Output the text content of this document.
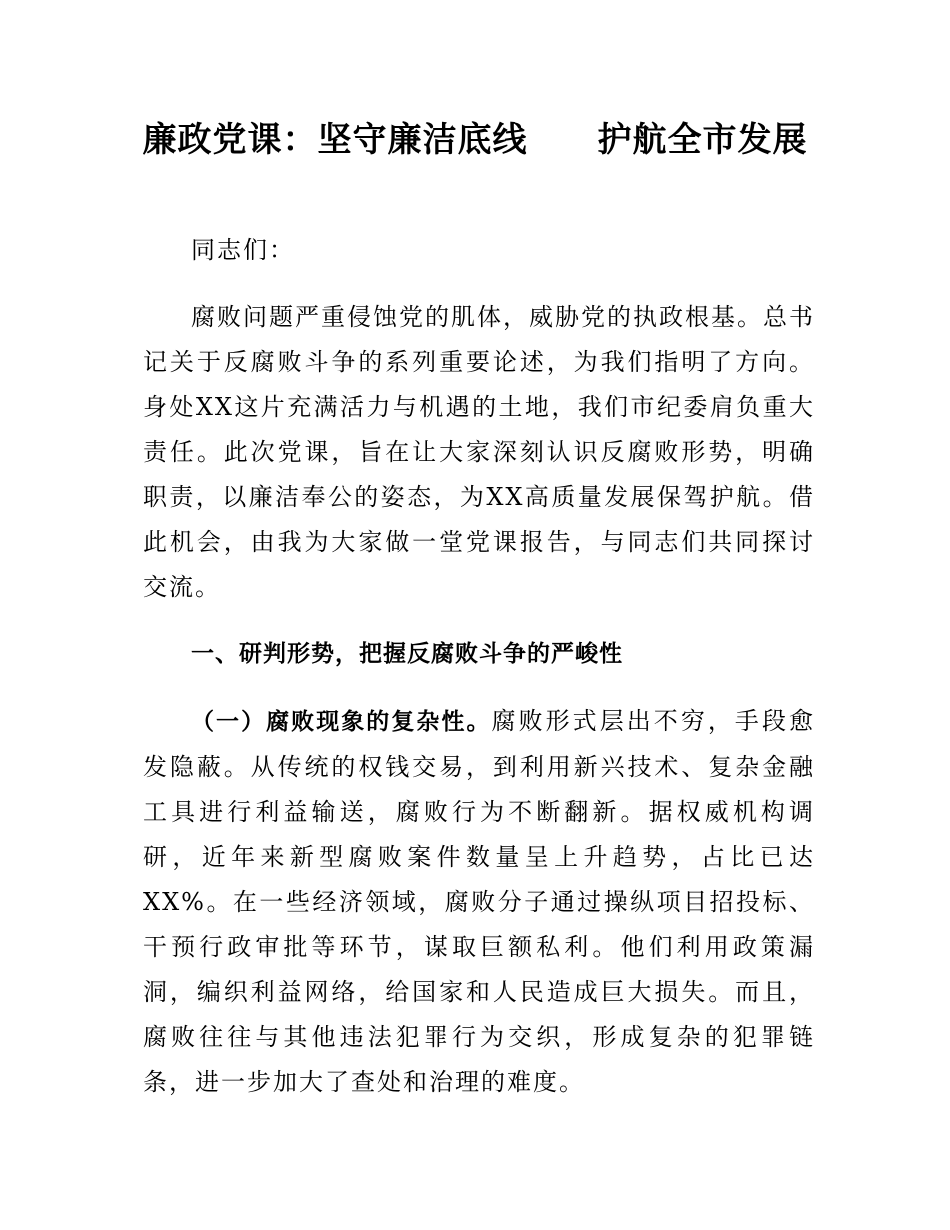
廉政党课：坚守廉洁底线　　护航全市发展

同志们：

腐败问题严重侵蚀党的肌体，威胁党的执政根基。总书记关于反腐败斗争的系列重要论述，为我们指明了方向。身处XX这片充满活力与机遇的土地，我们市纪委肩负重大责任。此次党课，旨在让大家深刻认识反腐败形势，明确职责，以廉洁奉公的姿态，为XX高质量发展保驾护航。借此机会，由我为大家做一堂党课报告，与同志们共同探讨交流。

一、研判形势，把握反腐败斗争的严峻性

（一）腐败现象的复杂性。腐败形式层出不穷，手段愈发隐蔽。从传统的权钱交易，到利用新兴技术、复杂金融工具进行利益输送，腐败行为不断翻新。据权威机构调研，近年来新型腐败案件数量呈上升趋势，占比已达XX%。在一些经济领域，腐败分子通过操纵项目招投标、干预行政审批等环节，谋取巨额私利。他们利用政策漏洞，编织利益网络，给国家和人民造成巨大损失。而且，腐败往往与其他违法犯罪行为交织，形成复杂的犯罪链条，进一步加大了查处和治理的难度。
